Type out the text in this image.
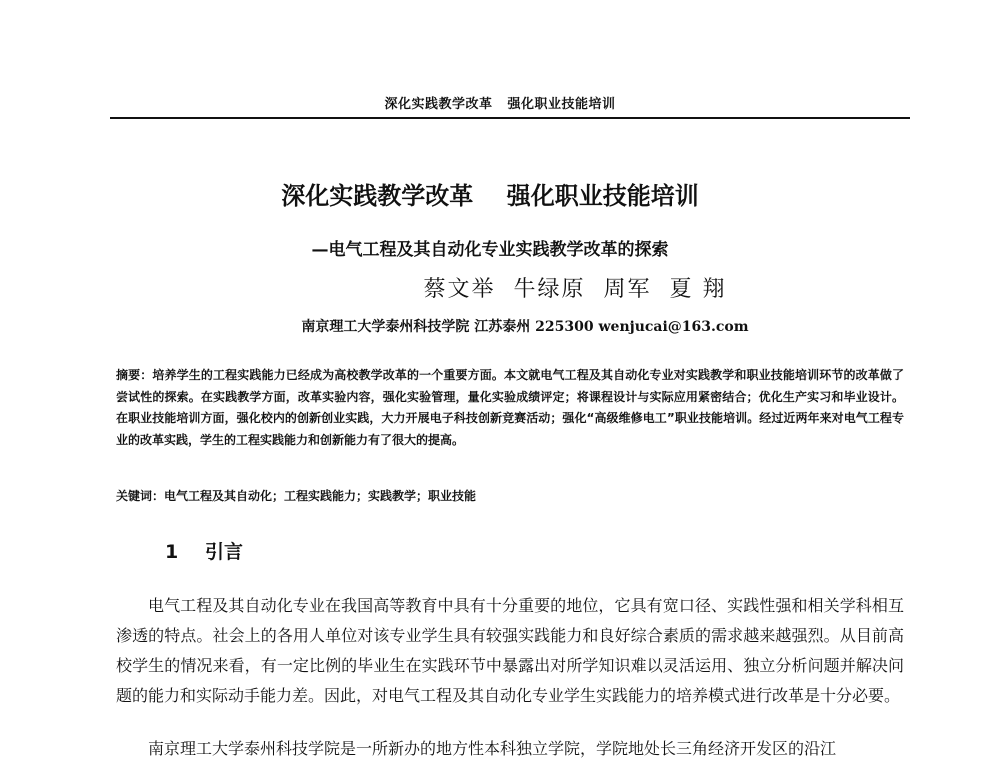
深化实践教学改革   强化职业技能培训
深化实践教学改革    强化职业技能培训
—电气工程及其自动化专业实践教学改革的探索
蔡文举  牛绿原  周军  夏 翔
南京理工大学泰州科技学院 江苏泰州 225300 wenjucai@163.com
摘要：培养学生的工程实践能力已经成为高校教学改革的一个重要方面。本文就电气工程及其自动化专业对实践教学和职业技能培训环节的改革做了尝试性的探索。在实践教学方面，改革实验内容，强化实验管理，量化实验成绩评定；将课程设计与实际应用紧密结合；优化生产实习和毕业设计。在职业技能培训方面，强化校内的创新创业实践，大力开展电子科技创新竞赛活动；强化“高级维修电工”职业技能培训。经过近两年来对电气工程专业的改革实践，学生的工程实践能力和创新能力有了很大的提高。
关键词：电气工程及其自动化；工程实践能力；实践教学；职业技能
1 引言
电气工程及其自动化专业在我国高等教育中具有十分重要的地位，它具有宽口径、实践性强和相关学科相互渗透的特点。社会上的各用人单位对该专业学生具有较强实践能力和良好综合素质的需求越来越强烈。从目前高校学生的情况来看，有一定比例的毕业生在实践环节中暴露出对所学知识难以灵活运用、独立分析问题并解决问题的能力和实际动手能力差。因此，对电气工程及其自动化专业学生实践能力的培养模式进行改革是十分必要。
南京理工大学泰州科技学院是一所新办的地方性本科独立学院，学院地处长三角经济开发区的沿江
